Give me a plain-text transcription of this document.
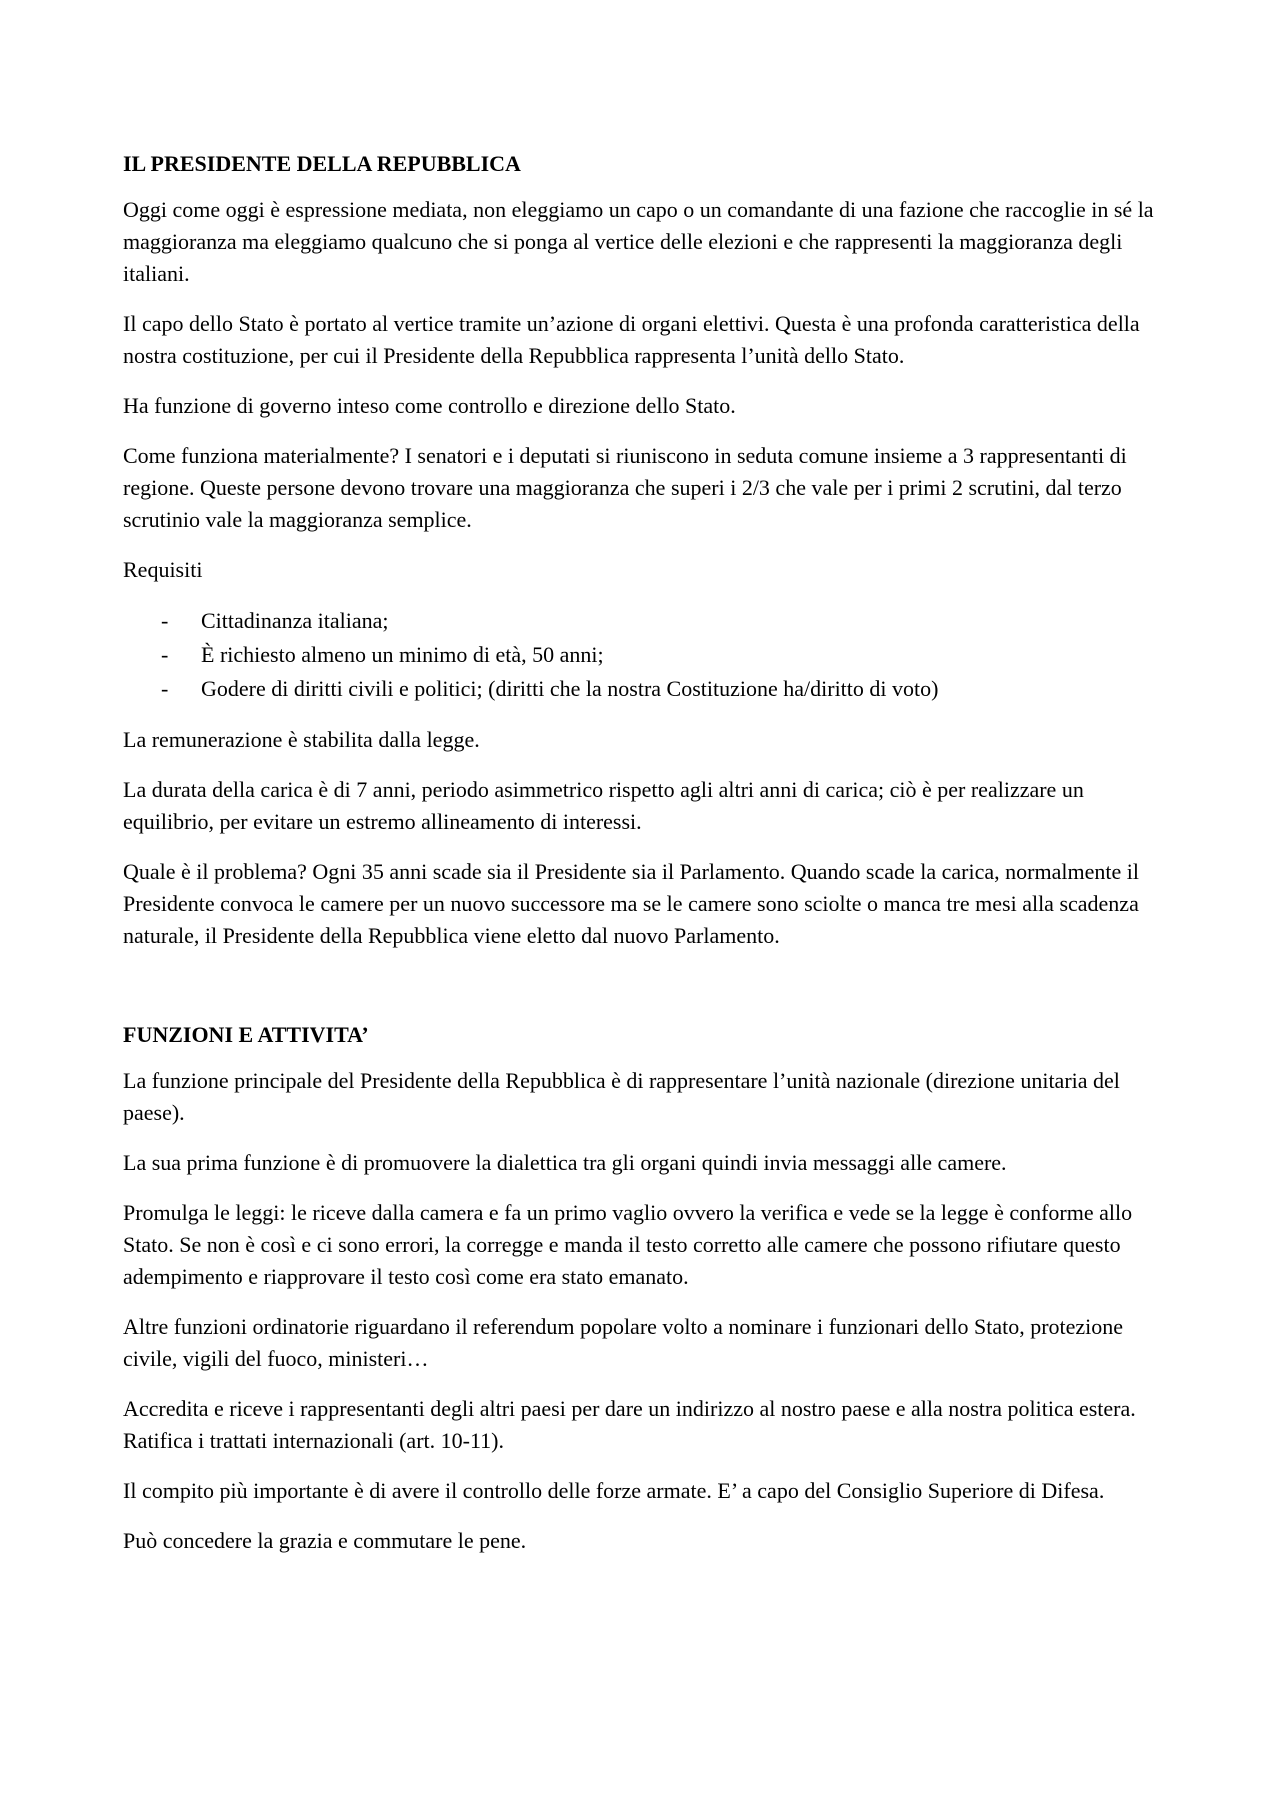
IL PRESIDENTE DELLA REPUBBLICA

Oggi come oggi è espressione mediata, non eleggiamo un capo o un comandante di una fazione che raccoglie in sé la maggioranza ma eleggiamo qualcuno che si ponga al vertice delle elezioni e che rappresenti la maggioranza degli italiani.

Il capo dello Stato è portato al vertice tramite un’azione di organi elettivi. Questa è una profonda caratteristica della nostra costituzione, per cui il Presidente della Repubblica rappresenta l’unità dello Stato.

Ha funzione di governo inteso come controllo e direzione dello Stato.

Come funziona materialmente? I senatori e i deputati si riuniscono in seduta comune insieme a 3 rappresentanti di regione. Queste persone devono trovare una maggioranza che superi i 2/3 che vale per i primi 2 scrutini, dal terzo scrutinio vale la maggioranza semplice.

Requisiti

- Cittadinanza italiana;
- È richiesto almeno un minimo di età, 50 anni;
- Godere di diritti civili e politici; (diritti che la nostra Costituzione ha/diritto di voto)

La remunerazione è stabilita dalla legge.

La durata della carica è di 7 anni, periodo asimmetrico rispetto agli altri anni di carica; ciò è per realizzare un equilibrio, per evitare un estremo allineamento di interessi.

Quale è il problema? Ogni 35 anni scade sia il Presidente sia il Parlamento. Quando scade la carica, normalmente il Presidente convoca le camere per un nuovo successore ma se le camere sono sciolte o manca tre mesi alla scadenza naturale, il Presidente della Repubblica viene eletto dal nuovo Parlamento.

FUNZIONI E ATTIVITA’

La funzione principale del Presidente della Repubblica è di rappresentare l’unità nazionale (direzione unitaria del paese).

La sua prima funzione è di promuovere la dialettica tra gli organi quindi invia messaggi alle camere.

Promulga le leggi: le riceve dalla camera e fa un primo vaglio ovvero la verifica e vede se la legge è conforme allo Stato. Se non è così e ci sono errori, la corregge e manda il testo corretto alle camere che possono rifiutare questo adempimento e riapprovare il testo così come era stato emanato.

Altre funzioni ordinatorie riguardano il referendum popolare volto a nominare i funzionari dello Stato, protezione civile, vigili del fuoco, ministeri…

Accredita e riceve i rappresentanti degli altri paesi per dare un indirizzo al nostro paese e alla nostra politica estera. Ratifica i trattati internazionali (art. 10-11).

Il compito più importante è di avere il controllo delle forze armate. E’ a capo del Consiglio Superiore di Difesa.

Può concedere la grazia e commutare le pene.
